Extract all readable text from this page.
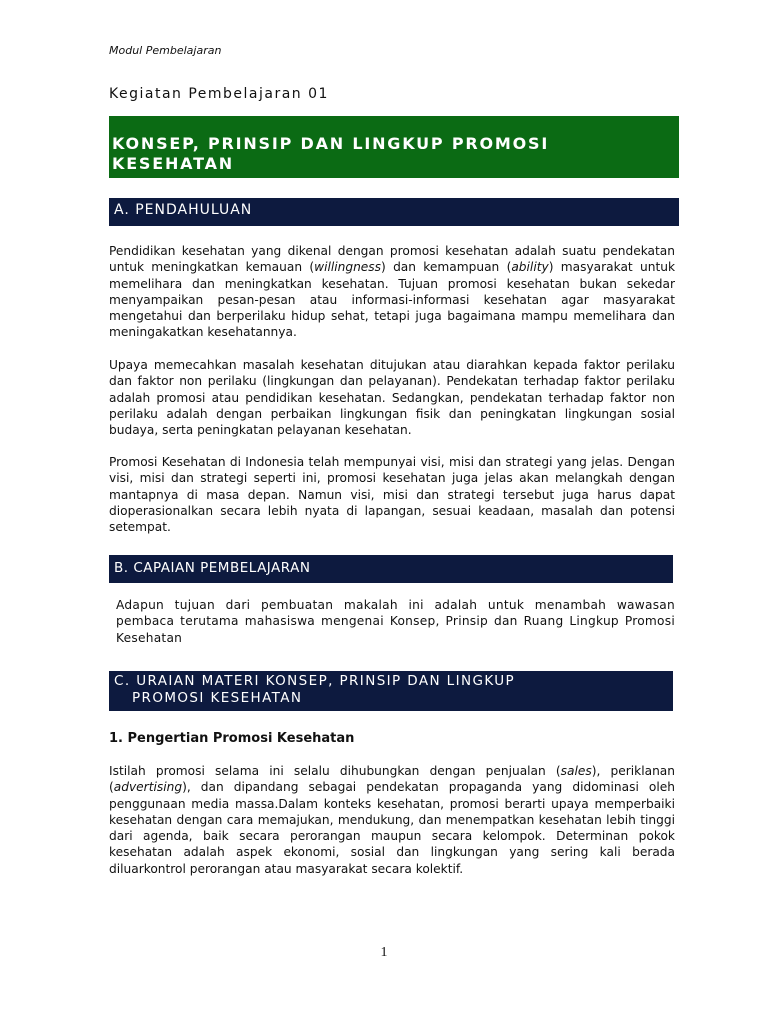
Modul Pembelajaran
Kegiatan Pembelajaran 01
KONSEP, PRINSIP DAN LINGKUP PROMOSI
KESEHATAN
A. PENDAHULUAN

Pendidikan kesehatan yang dikenal dengan promosi kesehatan adalah suatu pendekatan untuk meningkatkan kemauan (willingness) dan kemampuan (ability) masyarakat untuk memelihara dan meningkatkan kesehatan. Tujuan promosi kesehatan bukan sekedar menyampaikan pesan-pesan atau informasi-informasi kesehatan agar masyarakat mengetahui dan berperilaku hidup sehat, tetapi juga bagaimana mampu memelihara dan meningakatkan kesehatannya.

Upaya memecahkan masalah kesehatan ditujukan atau diarahkan kepada faktor perilaku dan faktor non perilaku (lingkungan dan pelayanan). Pendekatan terhadap faktor perilaku adalah promosi atau pendidikan kesehatan. Sedangkan, pendekatan terhadap faktor non perilaku adalah dengan perbaikan lingkungan fisik dan peningkatan lingkungan sosial budaya, serta peningkatan pelayanan kesehatan.

Promosi Kesehatan di Indonesia telah mempunyai visi, misi dan strategi yang jelas. Dengan visi, misi dan strategi seperti ini, promosi kesehatan juga jelas akan melangkah dengan mantapnya di masa depan. Namun visi, misi dan strategi tersebut juga harus dapat dioperasionalkan secara lebih nyata di lapangan, sesuai keadaan, masalah dan potensi setempat.

B. CAPAIAN PEMBELAJARAN

Adapun tujuan dari pembuatan makalah ini adalah untuk menambah wawasan pembaca terutama mahasiswa mengenai Konsep, Prinsip dan Ruang Lingkup Promosi Kesehatan

C. URAIAN MATERI KONSEP, PRINSIP DAN LINGKUP
PROMOSI KESEHATAN
1. Pengertian Promosi Kesehatan

Istilah promosi selama ini selalu dihubungkan dengan penjualan (sales), periklanan (advertising), dan dipandang sebagai pendekatan propaganda yang didominasi oleh penggunaan media massa.Dalam konteks kesehatan, promosi berarti upaya memperbaiki kesehatan dengan cara memajukan, mendukung, dan menempatkan kesehatan lebih tinggi dari agenda, baik secara perorangan maupun secara kelompok. Determinan pokok kesehatan adalah aspek ekonomi, sosial dan lingkungan yang sering kali berada diluarkontrol perorangan atau masyarakat secara kolektif.

1
